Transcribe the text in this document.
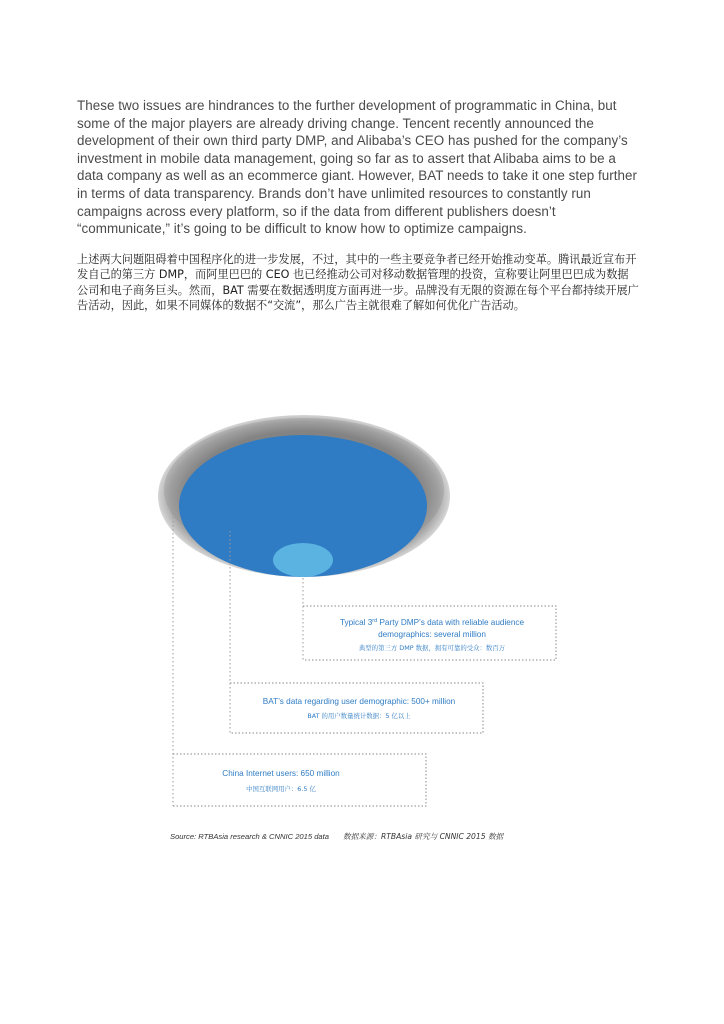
These two issues are hindrances to the further development of programmatic in China, but some of the major players are already driving change. Tencent recently announced the development of their own third party DMP, and Alibaba’s CEO has pushed for the company’s investment in mobile data management, going so far as to assert that Alibaba aims to be a data company as well as an ecommerce giant. However, BAT needs to take it one step further in terms of data transparency. Brands don’t have unlimited resources to constantly run campaigns across every platform, so if the data from different publishers doesn’t “communicate,” it’s going to be difficult to know how to optimize campaigns.

上述两大问题阻碍着中国程序化的进一步发展，不过，其中的一些主要竞争者已经开始推动变革。腾讯最近宣布开发自己的第三方 DMP，而阿里巴巴的 CEO 也已经推动公司对移动数据管理的投资，宣称要让阿里巴巴成为数据公司和电子商务巨头。然而，BAT 需要在数据透明度方面再进一步。品牌没有无限的资源在每个平台都持续开展广告活动，因此，如果不同媒体的数据不“交流”，那么广告主就很难了解如何优化广告活动。

Typical 3rd Party DMP’s data with reliable audience
demographics: several million
典型的第三方 DMP 数据，拥有可靠的受众：数百万
BAT’s data regarding user demographic: 500+ million
BAT 的用户数量统计数据：5 亿以上
China Internet users: 650 million
中国互联网用户：6.5 亿

Source: RTBAsia research & CNNIC 2015 data 数据来源：RTBAsia 研究与 CNNIC 2015 数据
